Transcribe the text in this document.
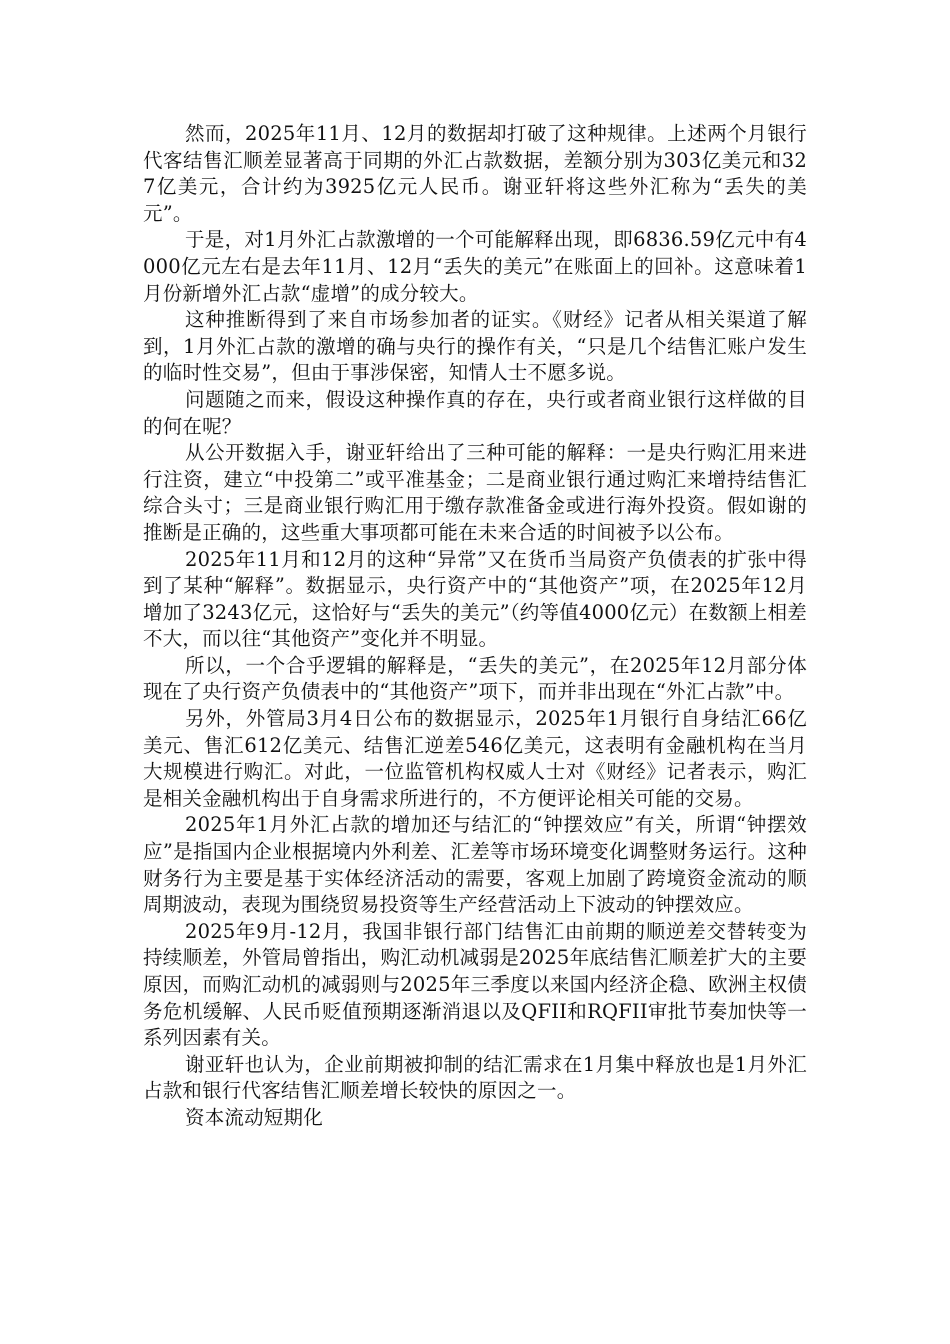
然而，2025年11月、12月的数据却打破了这种规律。上述两个月银行代客结售汇顺差显著高于同期的外汇占款数据，差额分别为303亿美元和327亿美元，合计约为3925亿元人民币。谢亚轩将这些外汇称为“丢失的美元”。

于是，对1月外汇占款激增的一个可能解释出现，即6836.59亿元中有4000亿元左右是去年11月、12月“丢失的美元”在账面上的回补。这意味着1月份新增外汇占款“虚增”的成分较大。

这种推断得到了来自市场参加者的证实。《财经》记者从相关渠道了解到，1月外汇占款的激增的确与央行的操作有关，“只是几个结售汇账户发生的临时性交易”，但由于事涉保密，知情人士不愿多说。

问题随之而来，假设这种操作真的存在，央行或者商业银行这样做的目的何在呢？

从公开数据入手，谢亚轩给出了三种可能的解释：一是央行购汇用来进行注资，建立“中投第二”或平准基金；二是商业银行通过购汇来增持结售汇综合头寸；三是商业银行购汇用于缴存款准备金或进行海外投资。假如谢的推断是正确的，这些重大事项都可能在未来合适的时间被予以公布。

2025年11月和12月的这种“异常”又在货币当局资产负债表的扩张中得到了某种“解释”。数据显示，央行资产中的“其他资产”项，在2025年12月增加了3243亿元，这恰好与“丢失的美元”（约等值4000亿元）在数额上相差不大，而以往“其他资产”变化并不明显。

所以，一个合乎逻辑的解释是，“丢失的美元”，在2025年12月部分体现在了央行资产负债表中的“其他资产”项下，而并非出现在“外汇占款”中。

另外，外管局3月4日公布的数据显示，2025年1月银行自身结汇66亿美元、售汇612亿美元、结售汇逆差546亿美元，这表明有金融机构在当月大规模进行购汇。对此，一位监管机构权威人士对《财经》记者表示，购汇是相关金融机构出于自身需求所进行的，不方便评论相关可能的交易。

2025年1月外汇占款的增加还与结汇的“钟摆效应”有关，所谓“钟摆效应”是指国内企业根据境内外利差、汇差等市场环境变化调整财务运行。这种财务行为主要是基于实体经济活动的需要，客观上加剧了跨境资金流动的顺周期波动，表现为围绕贸易投资等生产经营活动上下波动的钟摆效应。

2025年9月-12月，我国非银行部门结售汇由前期的顺逆差交替转变为持续顺差，外管局曾指出，购汇动机减弱是2025年底结售汇顺差扩大的主要原因，而购汇动机的减弱则与2025年三季度以来国内经济企稳、欧洲主权债务危机缓解、人民币贬值预期逐渐消退以及QFII和RQFII审批节奏加快等一系列因素有关。

谢亚轩也认为，企业前期被抑制的结汇需求在1月集中释放也是1月外汇占款和银行代客结售汇顺差增长较快的原因之一。

资本流动短期化
